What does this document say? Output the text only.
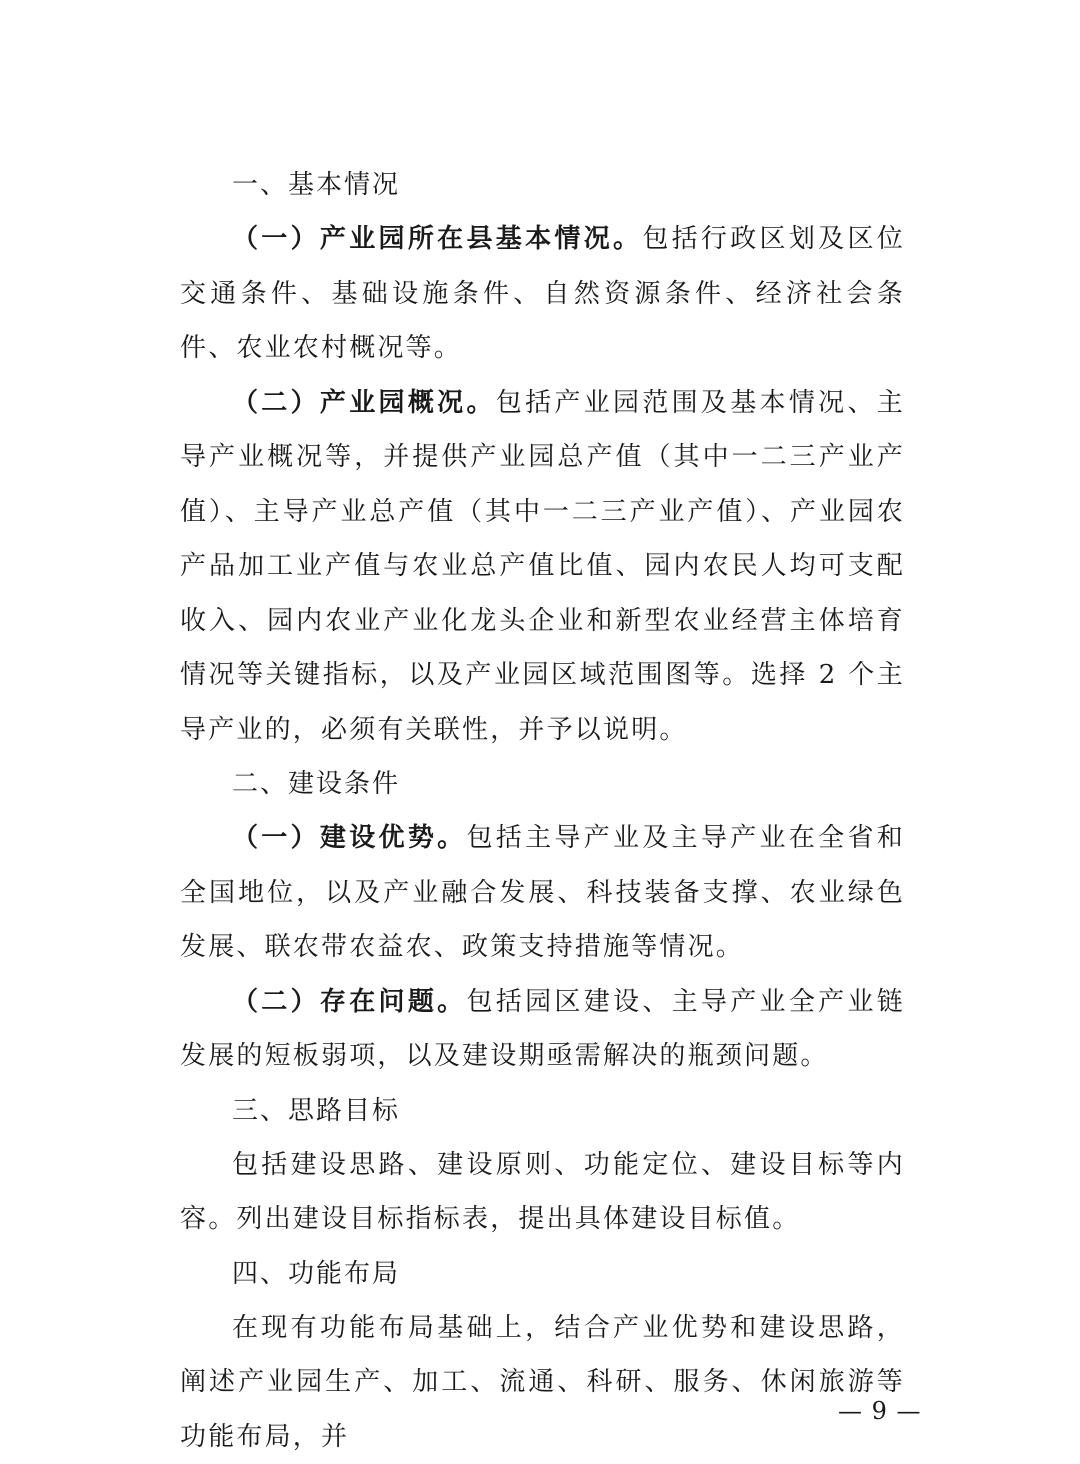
一、基本情况
（一）产业园所在县基本情况。包括行政区划及区位交通条件、基础设施条件、自然资源条件、经济社会条件、农业农村概况等。
（二）产业园概况。包括产业园范围及基本情况、主导产业概况等，并提供产业园总产值（其中一二三产业产值）、主导产业总产值（其中一二三产业产值）、产业园农产品加工业产值与农业总产值比值、园内农民人均可支配收入、园内农业产业化龙头企业和新型农业经营主体培育情况等关键指标，以及产业园区域范围图等。选择 2 个主导产业的，必须有关联性，并予以说明。
二、建设条件
（一）建设优势。包括主导产业及主导产业在全省和全国地位，以及产业融合发展、科技装备支撑、农业绿色发展、联农带农益农、政策支持措施等情况。
（二）存在问题。包括园区建设、主导产业全产业链发展的短板弱项，以及建设期亟需解决的瓶颈问题。
三、思路目标
包括建设思路、建设原则、功能定位、建设目标等内容。列出建设目标指标表，提出具体建设目标值。
四、功能布局
在现有功能布局基础上，结合产业优势和建设思路，阐述产业园生产、加工、流通、科研、服务、休闲旅游等功能布局，并
— 9 —
